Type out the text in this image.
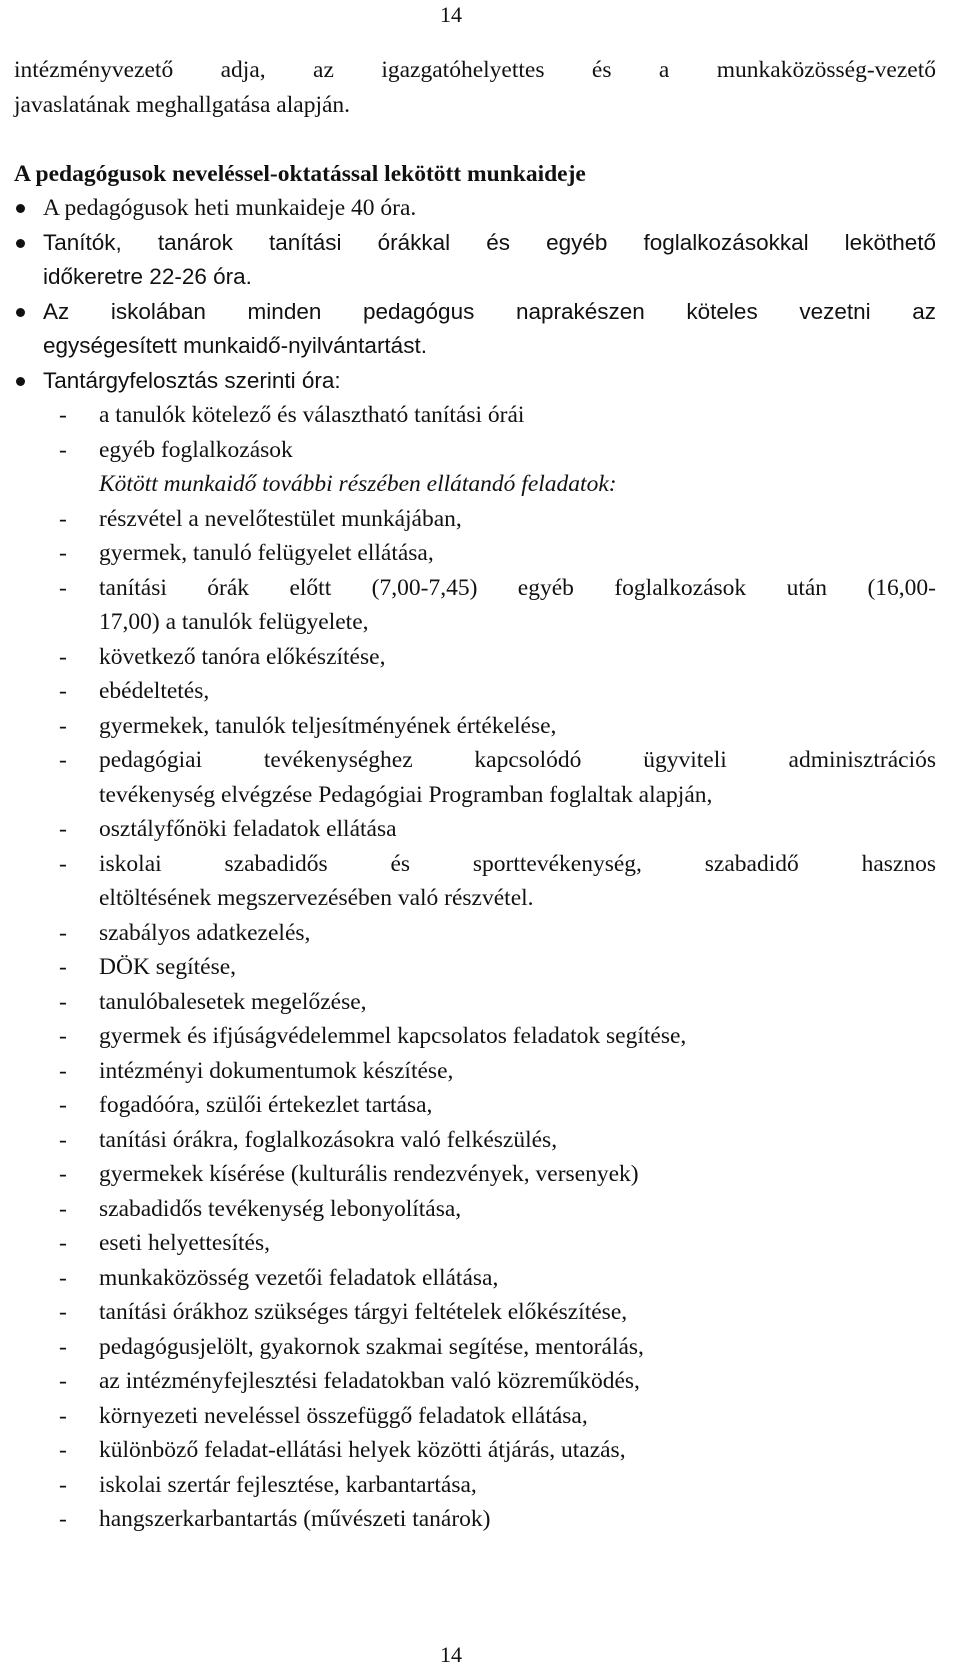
14
intézményvezető adja, az igazgatóhelyettes és a munkaközösség-vezető
javaslatának meghallgatása alapján.
A pedagógusok neveléssel-oktatással lekötött munkaideje
A pedagógusok heti munkaideje 40 óra.
Tanítók, tanárok tanítási órákkal és egyéb foglalkozásokkal leköthető
időkeretre 22-26 óra.
Az iskolában minden pedagógus naprakészen köteles vezetni az
egységesített munkaidő-nyilvántartást.
Tantárgyfelosztás szerinti óra:
-	a tanulók kötelező és választható tanítási órái
-	egyéb foglalkozások
Kötött munkaidő további részében ellátandó feladatok:
-	részvétel a nevelőtestület munkájában,
-	gyermek, tanuló felügyelet ellátása,
-	tanítási órák előtt (7,00-7,45) egyéb foglalkozások után (16,00-
17,00) a tanulók felügyelete,
-	következő tanóra előkészítése,
-	ebédeltetés,
-	gyermekek, tanulók teljesítményének értékelése,
-	pedagógiai tevékenységhez kapcsolódó ügyviteli adminisztrációs
tevékenység elvégzése Pedagógiai Programban foglaltak alapján,
-	osztályfőnöki feladatok ellátása
-	iskolai szabadidős és sporttevékenység, szabadidő hasznos
eltöltésének megszervezésében való részvétel.
-	szabályos adatkezelés,
-	DÖK segítése,
-	tanulóbalesetek megelőzése,
-	gyermek és ifjúságvédelemmel kapcsolatos feladatok segítése,
-	intézményi dokumentumok készítése,
-	fogadóóra, szülői értekezlet tartása,
-	tanítási órákra, foglalkozásokra való felkészülés,
-	gyermekek kísérése (kulturális rendezvények, versenyek)
-	szabadidős tevékenység lebonyolítása,
-	eseti helyettesítés,
-	munkaközösség vezetői feladatok ellátása,
-	tanítási órákhoz szükséges tárgyi feltételek előkészítése,
-	pedagógusjelölt, gyakornok szakmai segítése, mentorálás,
-	az intézményfejlesztési feladatokban való közreműködés,
-	környezeti neveléssel összefüggő feladatok ellátása,
-	különböző feladat-ellátási helyek közötti átjárás, utazás,
-	iskolai szertár fejlesztése, karbantartása,
-	hangszerkarbantartás (művészeti tanárok)
14
